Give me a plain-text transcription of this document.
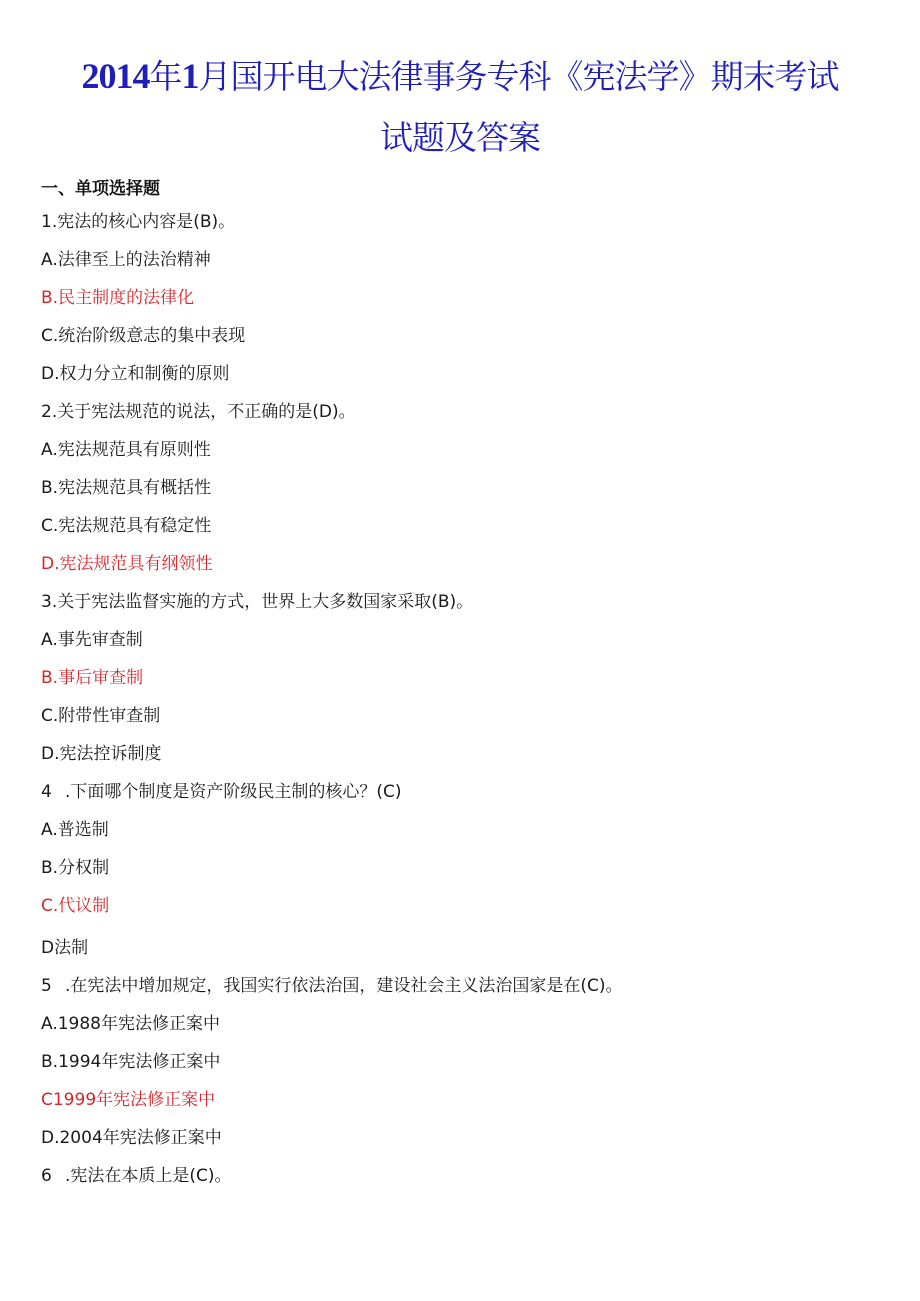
2014年1月国开电大法律事务专科《宪法学》期末考试
试题及答案
一、单项选择题
1.宪法的核心内容是(B)。
A.法律至上的法治精神
B.民主制度的法律化
C.统治阶级意志的集中表现
D.权力分立和制衡的原则
2.关于宪法规范的说法，不正确的是(D)。
A.宪法规范具有原则性
B.宪法规范具有概括性
C.宪法规范具有稳定性
D.宪法规范具有纲领性
3.关于宪法监督实施的方式，世界上大多数国家采取(B)。
A.事先审查制
B.事后审查制
C.附带性审查制
D.宪法控诉制度
4 .下面哪个制度是资产阶级民主制的核心？(C)
A.普选制
B.分权制
C.代议制
D法制
5 .在宪法中增加规定，我国实行依法治国，建设社会主义法治国家是在(C)。
A.1988年宪法修正案中
B.1994年宪法修正案中
C1999年宪法修正案中
D.2004年宪法修正案中
6 .宪法在本质上是(C)。
